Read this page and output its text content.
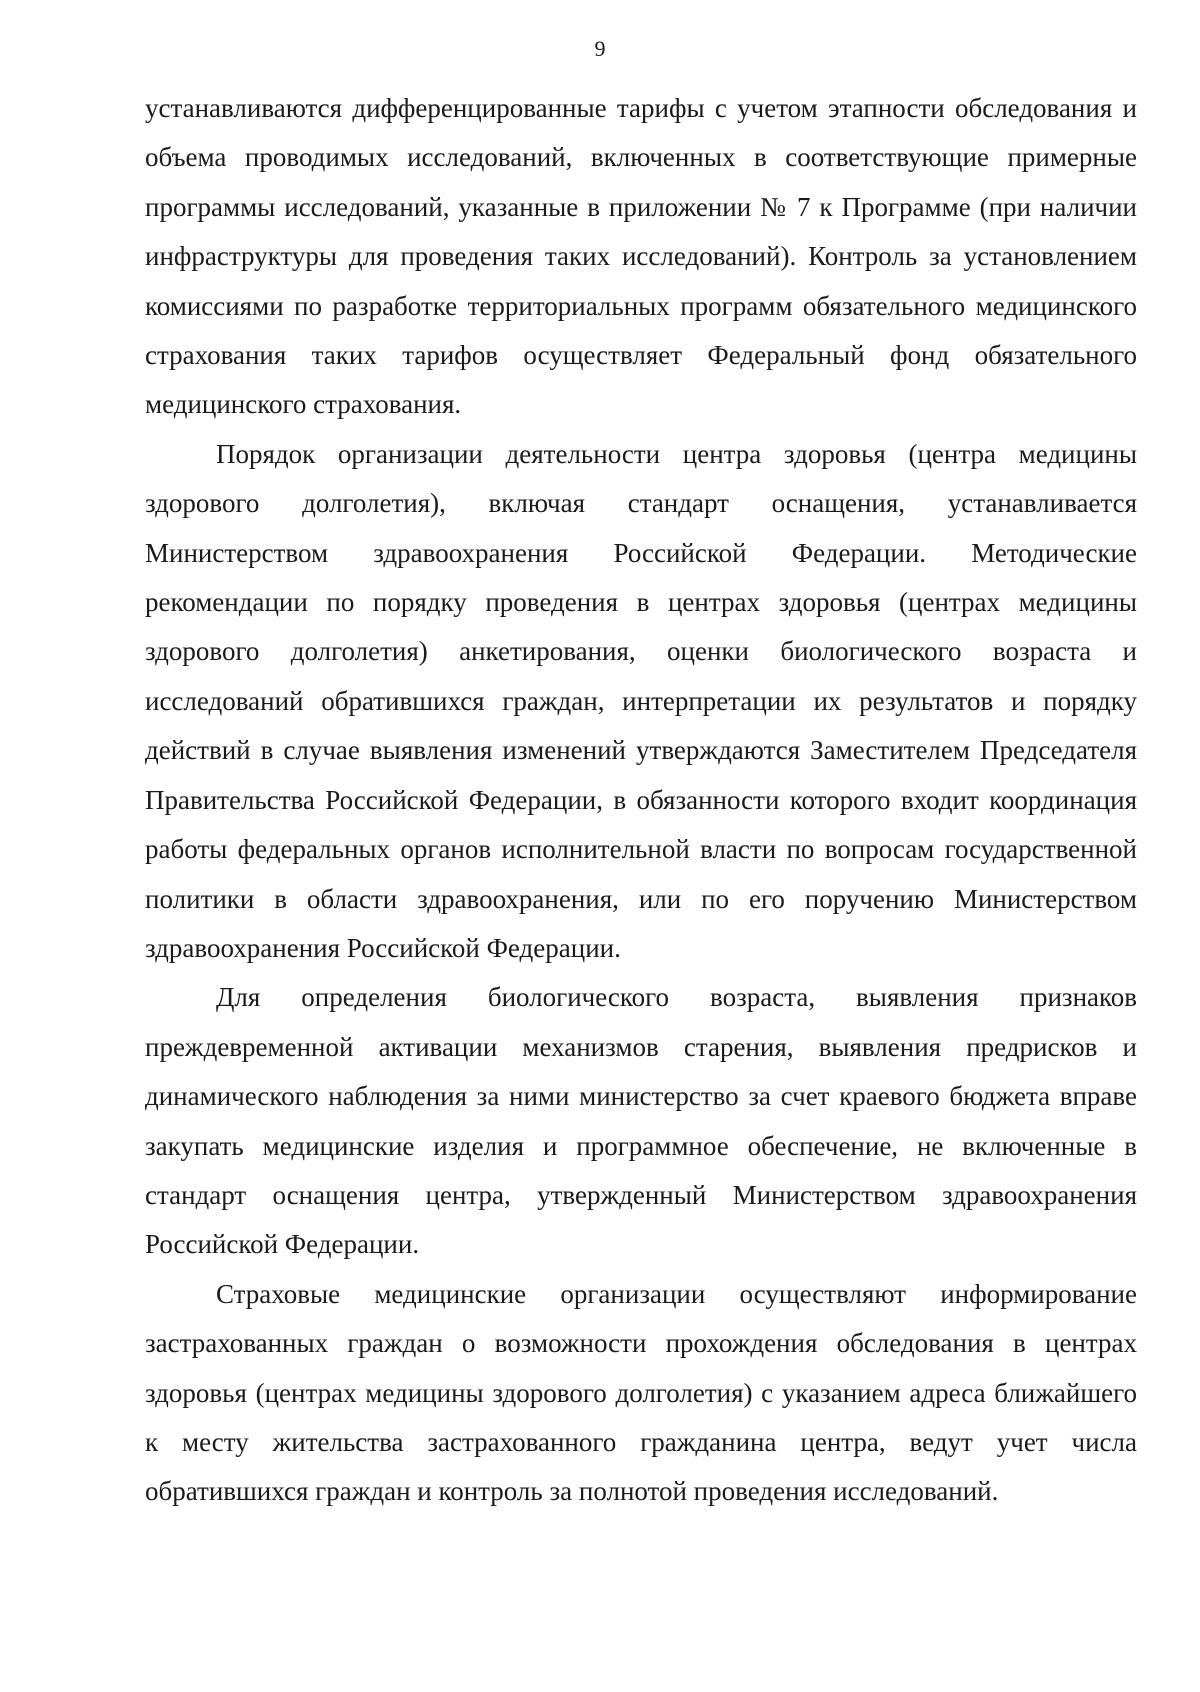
9

устанавливаются дифференцированные тарифы с учетом этапности обследования и объема проводимых исследований, включенных в соответствующие примерные программы исследований, указанные в приложении № 7 к Программе (при наличии инфраструктуры для проведения таких исследований). Контроль за установлением комиссиями по разработке территориальных программ обязательного медицинского страхования таких тарифов осуществляет Федеральный фонд обязательного медицинского страхования.

Порядок организации деятельности центра здоровья (центра медицины здорового долголетия), включая стандарт оснащения, устанавливается Министерством здравоохранения Российской Федерации. Методические рекомендации по порядку проведения в центрах здоровья (центрах медицины здорового долголетия) анкетирования, оценки биологического возраста и исследований обратившихся граждан, интерпретации их результатов и порядку действий в случае выявления изменений утверждаются Заместителем Председателя Правительства Российской Федерации, в обязанности которого входит координация работы федеральных органов исполнительной власти по вопросам государственной политики в области здравоохранения, или по его поручению Министерством здравоохранения Российской Федерации.

Для определения биологического возраста, выявления признаков преждевременной активации механизмов старения, выявления предрисков и динамического наблюдения за ними министерство за счет краевого бюджета вправе закупать медицинские изделия и программное обеспечение, не включенные в стандарт оснащения центра, утвержденный Министерством здравоохранения Российской Федерации.

Страховые медицинские организации осуществляют информирование застрахованных граждан о возможности прохождения обследования в центрах здоровья (центрах медицины здорового долголетия) с указанием адреса ближайшего к месту жительства застрахованного гражданина центра, ведут учет числа обратившихся граждан и контроль за полнотой проведения исследований.
